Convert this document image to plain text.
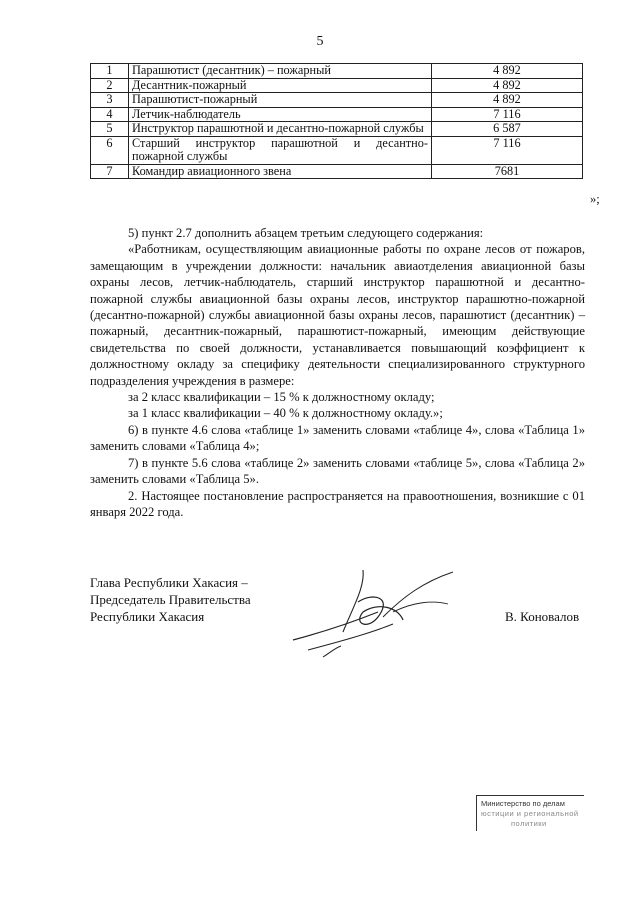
5
1	Парашютист (десантник) – пожарный	4 892
2	Десантник-пожарный	4 892
3	Парашютист-пожарный	4 892
4	Летчик-наблюдатель	7 116
5	Инструктор парашютной и десантно-пожарной службы	6 587
6	Старший инструктор парашютной и десантно-пожарной службы	7 116
7	Командир авиационного звена	7681
»;

5) пункт 2.7 дополнить абзацем третьим следующего содержания:

«Работникам, осуществляющим авиационные работы по охране лесов от пожаров, замещающим в учреждении должности: начальник авиаотделения авиационной базы охраны лесов, летчик-наблюдатель, старший инструктор парашютной и десантно-пожарной службы авиационной базы охраны лесов, инструктор парашютно-пожарной (десантно-пожарной) службы авиационной базы охраны лесов, парашютист (десантник) – пожарный, десантник-пожарный, парашютист-пожарный, имеющим действующие свидетельства по своей должности, устанавливается повышающий коэффициент к должностному окладу за специфику деятельности специализированного структурного подразделения учреждения в размере:

за 2 класс квалификации – 15 % к должностному окладу;

за 1 класс квалификации – 40 % к должностному окладу.»;

6) в пункте 4.6 слова «таблице 1» заменить словами «таблице 4», слова «Таблица 1» заменить словами «Таблица 4»;

7) в пункте 5.6 слова «таблице 2» заменить словами «таблице 5», слова «Таблица 2» заменить словами «Таблица 5».

2. Настоящее постановление распространяется на правоотношения, возникшие с 01 января 2022 года.

Глава Республики Хакасия –
Председатель Правительства
Республики Хакасия	В. Коновалов
Министерство по делам
юстиции и региональной
политики
